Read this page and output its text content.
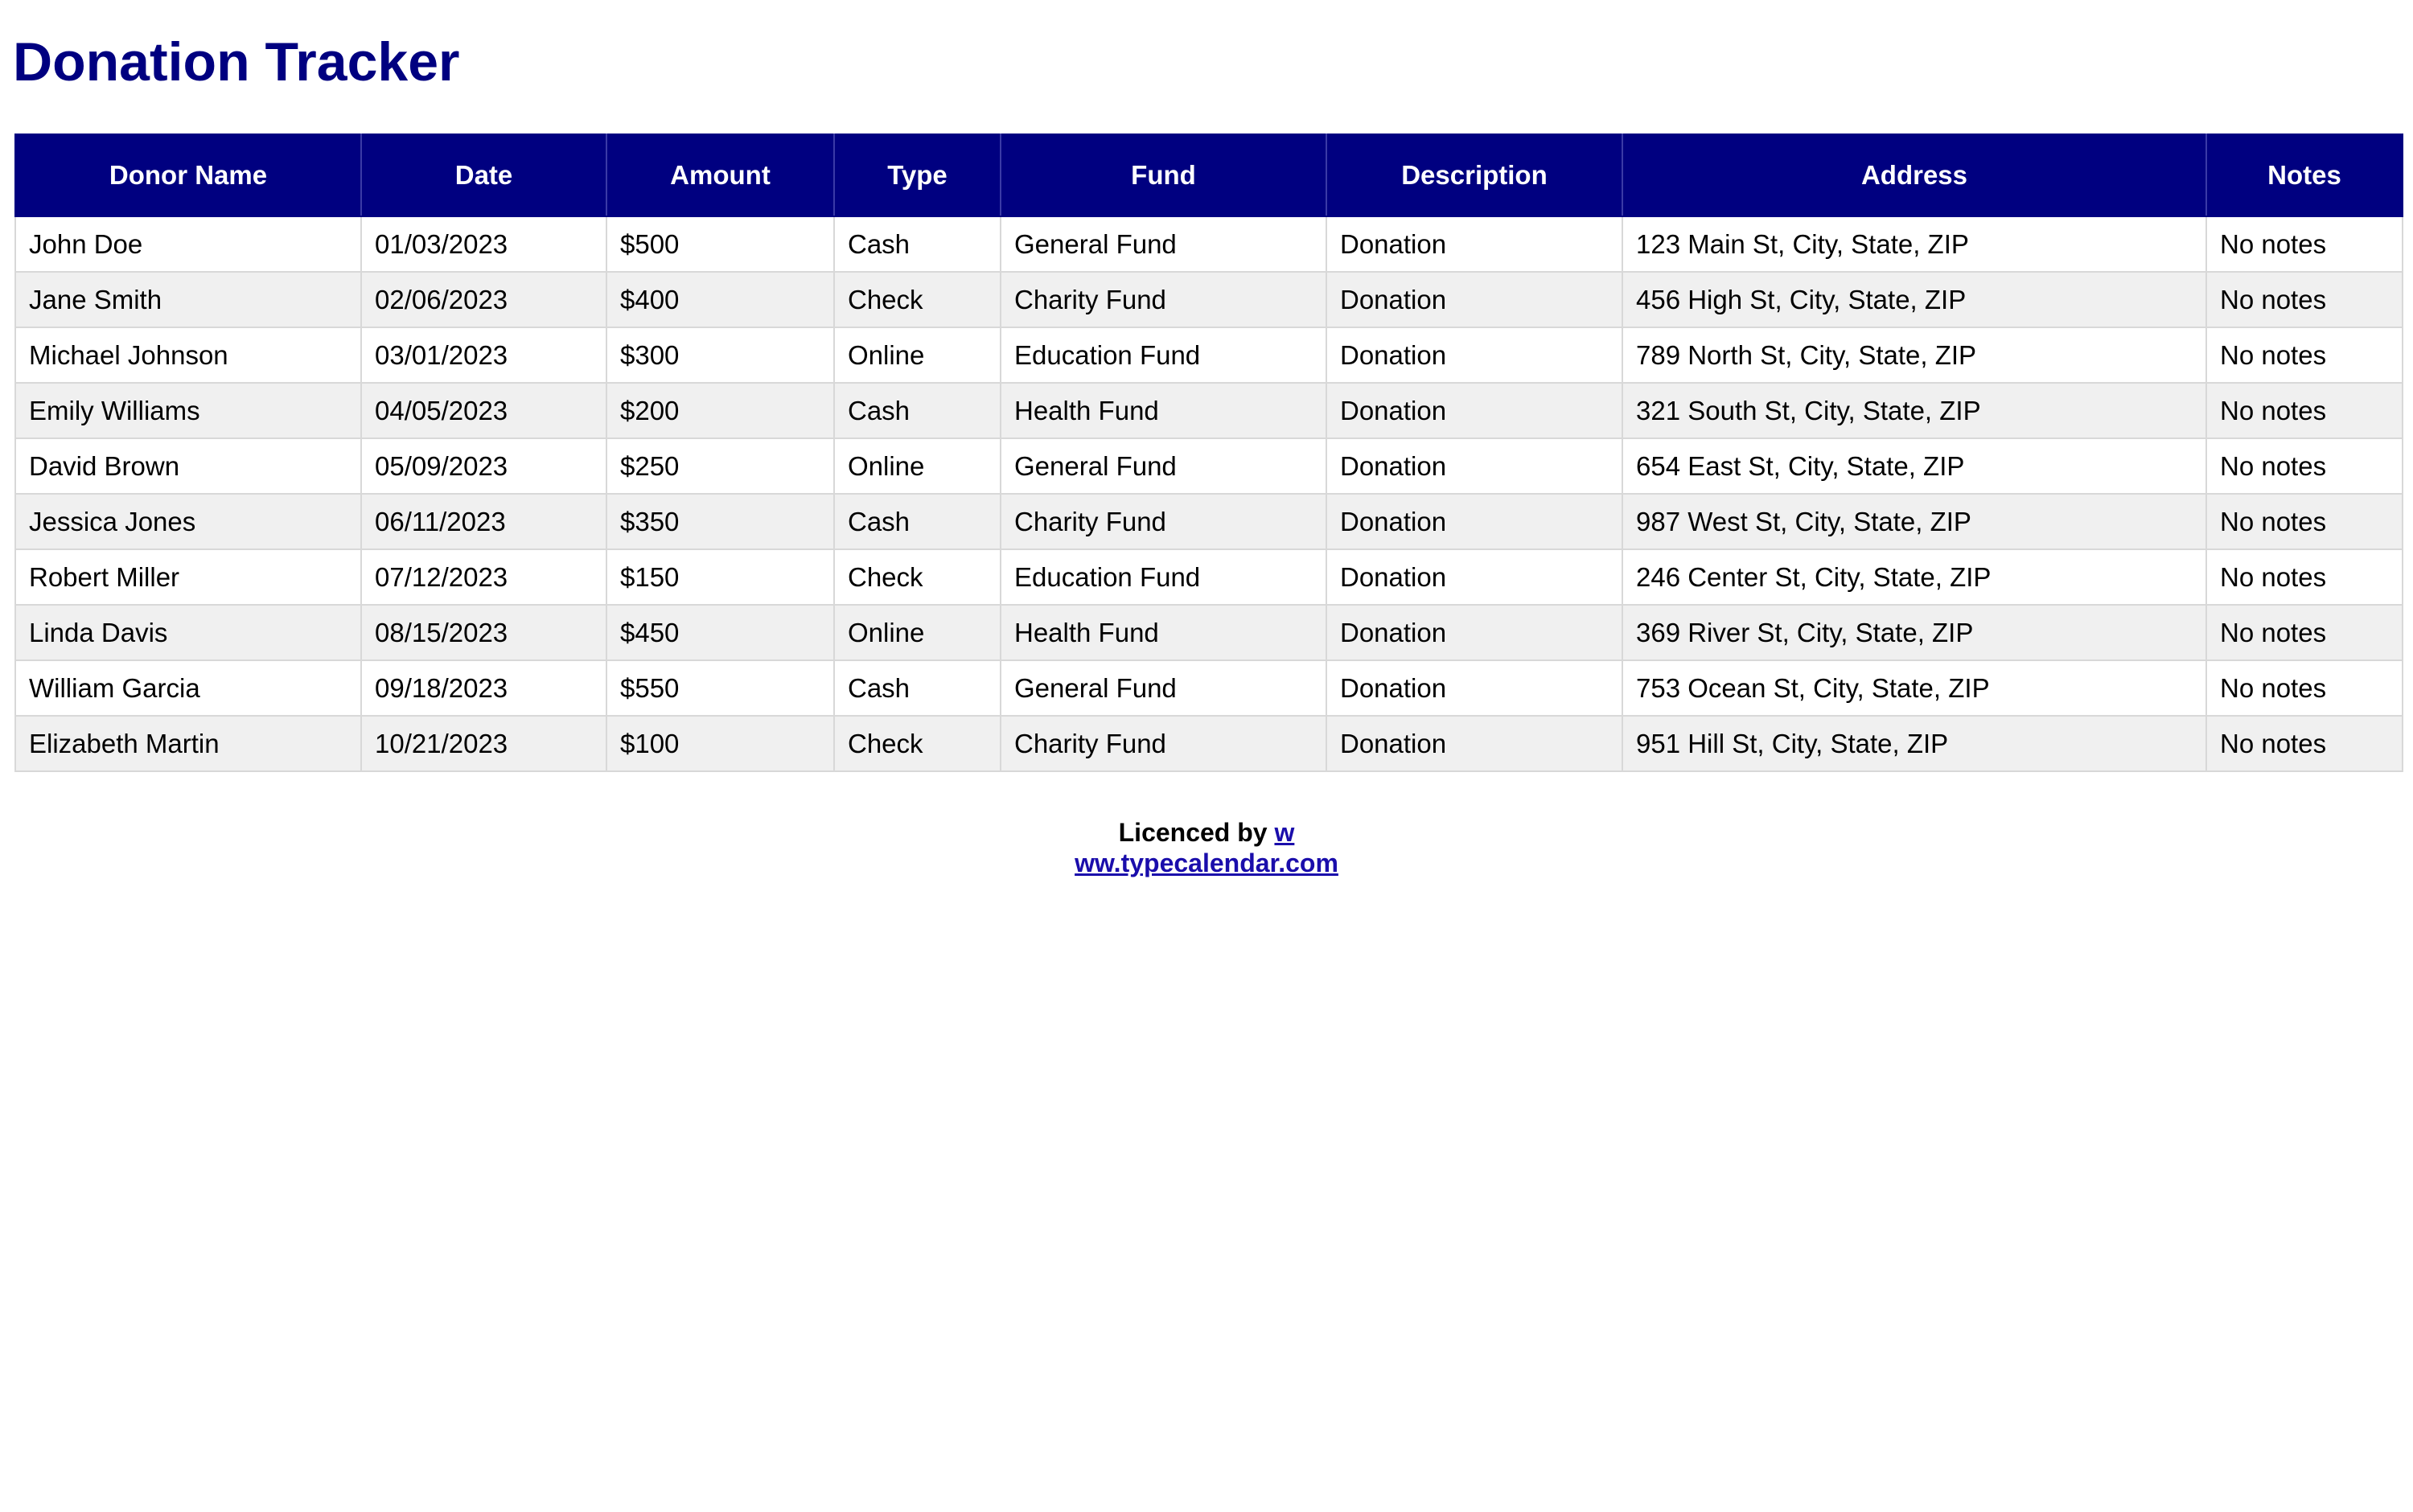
Donation Tracker
Donor Name	Date	Amount	Type	Fund	Description	Address	Notes
John Doe	01/03/2023	$500	Cash	General Fund	Donation	123 Main St, City, State, ZIP	No notes
Jane Smith	02/06/2023	$400	Check	Charity Fund	Donation	456 High St, City, State, ZIP	No notes
Michael Johnson	03/01/2023	$300	Online	Education Fund	Donation	789 North St, City, State, ZIP	No notes
Emily Williams	04/05/2023	$200	Cash	Health Fund	Donation	321 South St, City, State, ZIP	No notes
David Brown	05/09/2023	$250	Online	General Fund	Donation	654 East St, City, State, ZIP	No notes
Jessica Jones	06/11/2023	$350	Cash	Charity Fund	Donation	987 West St, City, State, ZIP	No notes
Robert Miller	07/12/2023	$150	Check	Education Fund	Donation	246 Center St, City, State, ZIP	No notes
Linda Davis	08/15/2023	$450	Online	Health Fund	Donation	369 River St, City, State, ZIP	No notes
William Garcia	09/18/2023	$550	Cash	General Fund	Donation	753 Ocean St, City, State, ZIP	No notes
Elizabeth Martin	10/21/2023	$100	Check	Charity Fund	Donation	951 Hill St, City, State, ZIP	No notes
Licenced by w
ww.typecalendar.com
